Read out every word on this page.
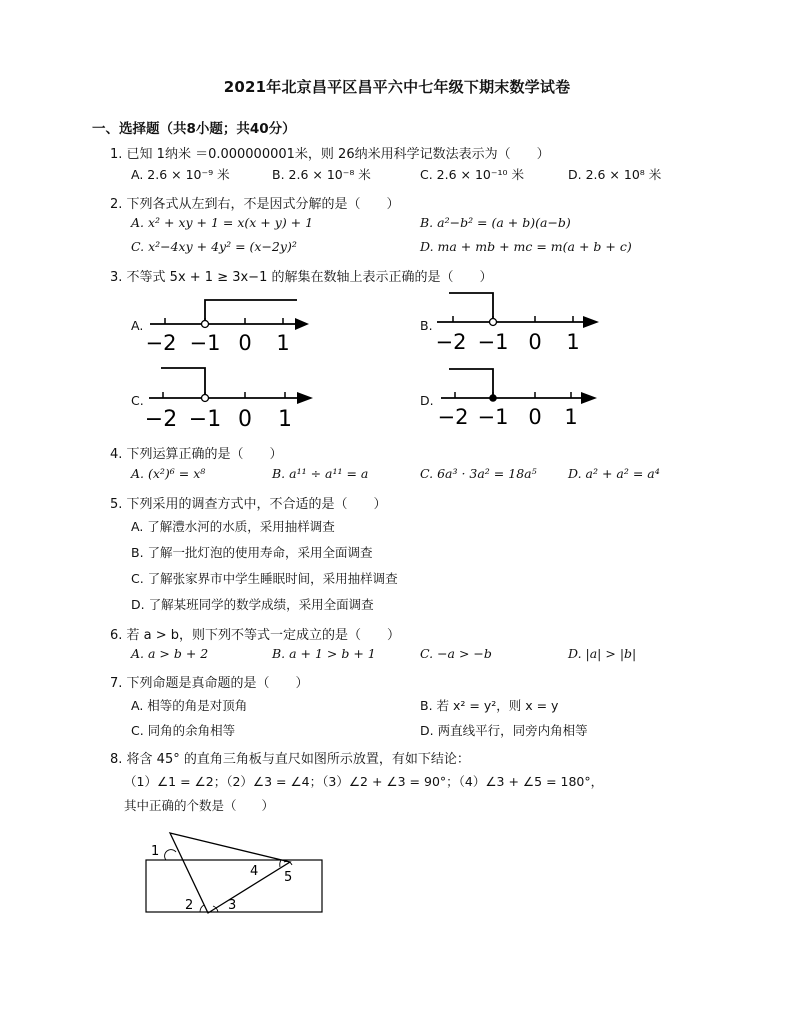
2021年北京昌平区昌平六中七年级下期末数学试卷
一、选择题（共8小题；共40分）
1. 已知 1纳米 ＝0.000000001米，则 26纳米用科学记数法表示为（　　）
A. 2.6 × 10⁻⁹ 米	B. 2.6 × 10⁻⁸ 米	C. 2.6 × 10⁻¹⁰ 米	D. 2.6 × 10⁸ 米
2. 下列各式从左到右，不是因式分解的是（　　）
A. x² + xy + 1 = x(x + y) + 1	B. a²−b² = (a + b)(a−b)
C. x²−4xy + 4y² = (x−2y)²	D. ma + mb + mc = m(a + b + c)
3. 不等式 5x + 1 ≥ 3x−1 的解集在数轴上表示正确的是（　　）
A.
−2 −1 0 1
B.
−2 −1 0 1
C.
−2 −1 0 1
D.
−2 −1 0 1
4. 下列运算正确的是（　　）
A. (x²)⁶ = x⁸	B. a¹¹ ÷ a¹¹ = a	C. 6a³ · 3a² = 18a⁵	D. a² + a² = a⁴
5. 下列采用的调查方式中，不合适的是（　　）
A. 了解澧水河的水质，采用抽样调查
B. 了解一批灯泡的使用寿命，采用全面调查
C. 了解张家界市中学生睡眠时间，采用抽样调查
D. 了解某班同学的数学成绩，采用全面调查
6. 若 a > b，则下列不等式一定成立的是（　　）
A. a > b + 2	B. a + 1 > b + 1	C. −a > −b	D. |a| > |b|
7. 下列命题是真命题的是（　　）
A. 相等的角是对顶角	B. 若 x² = y²，则 x = y
C. 同角的余角相等	D. 两直线平行，同旁内角相等
8. 将含 45° 的直角三角板与直尺如图所示放置，有如下结论：
（1）∠1 = ∠2；（2）∠3 = ∠4；（3）∠2 + ∠3 = 90°；（4）∠3 + ∠5 = 180°，
其中正确的个数是（　　）
1
2	3
4 5
